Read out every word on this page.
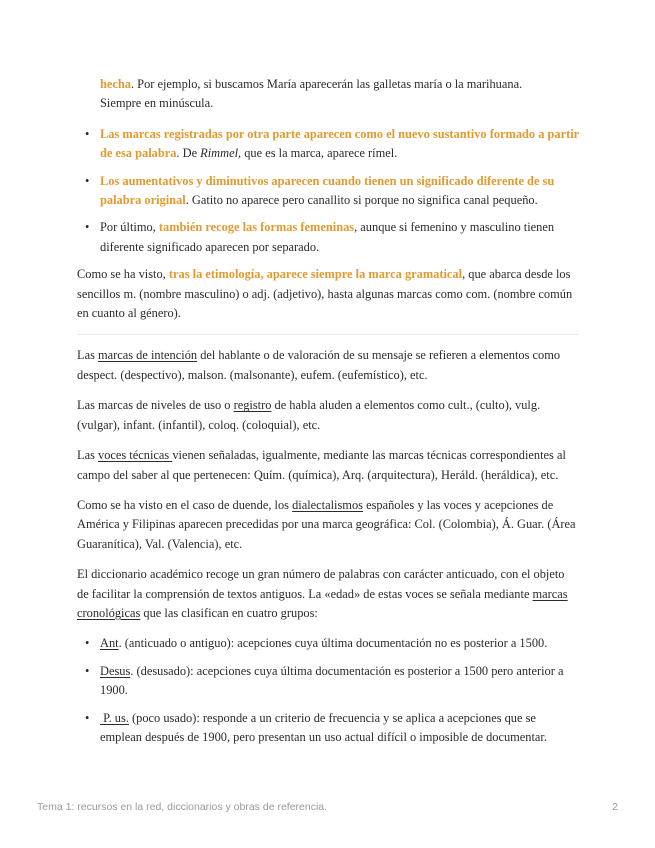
hecha. Por ejemplo, si buscamos María aparecerán las galletas maría o la marihuana.
Siempre en minúscula.

• Las marcas registradas por otra parte aparecen como el nuevo sustantivo formado a partir de esa palabra. De Rimmel, que es la marca, aparece rímel.
• Los aumentativos y diminutivos aparecen cuando tienen un significado diferente de su palabra original. Gatito no aparece pero canallito si porque no significa canal pequeño.
• Por último, también recoge las formas femeninas, aunque si femenino y masculino tienen diferente significado aparecen por separado.

Como se ha visto, tras la etimología, aparece siempre la marca gramatical, que abarca desde los sencillos m. (nombre masculino) o adj. (adjetivo), hasta algunas marcas como com. (nombre común en cuanto al género).

Las marcas de intención del hablante o de valoración de su mensaje se refieren a elementos como despect. (despectivo), malson. (malsonante), eufem. (eufemístico), etc.

Las marcas de niveles de uso o registro de habla aluden a elementos como cult., (culto), vulg. (vulgar), infant. (infantil), coloq. (coloquial), etc.

Las voces técnicas vienen señaladas, igualmente, mediante las marcas técnicas correspondientes al campo del saber al que pertenecen: Quím. (química), Arq. (arquitectura), Heráld. (heráldica), etc.

Como se ha visto en el caso de duende, los dialectalismos españoles y las voces y acepciones de América y Filipinas aparecen precedidas por una marca geográfica: Col. (Colombia), Á. Guar. (Área Guaraníticа), Val. (Valencia), etc.

El diccionario académico recoge un gran número de palabras con carácter anticuado, con el objeto de facilitar la comprensión de textos antiguos. La «edad» de estas voces se señala mediante marcas cronológicas que las clasifican en cuatro grupos:

• Ant. (anticuado o antiguo): acepciones cuya última documentación no es posterior a 1500.
• Desus. (desusado): acepciones cuya última documentación es posterior a 1500 pero anterior a 1900.
•  P. us. (poco usado): responde a un criterio de frecuencia y se aplica a acepciones que se emplean después de 1900, pero presentan un uso actual difícil o imposible de documentar.
Tema 1: recursos en la red, diccionarios y obras de referencia.	2
